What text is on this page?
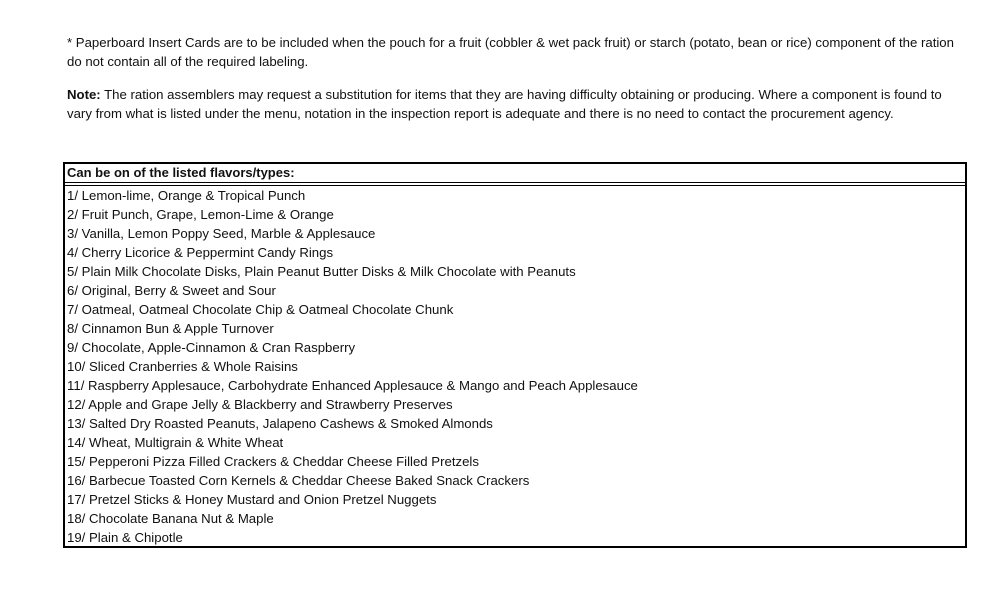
* Paperboard Insert Cards are to be included when the pouch for a fruit (cobbler & wet pack fruit) or starch (potato, bean or rice) component of the ration do not contain all of the required labeling.

Note: The ration assemblers may request a substitution for items that they are having difficulty obtaining or producing. Where a component is found to vary from what is listed under the menu, notation in the inspection report is adequate and there is no need to contact the procurement agency.

Can be on of the listed flavors/types:
1/ Lemon-lime, Orange & Tropical Punch
2/ Fruit Punch, Grape, Lemon-Lime & Orange
3/ Vanilla, Lemon Poppy Seed, Marble & Applesauce
4/ Cherry Licorice & Peppermint Candy Rings
5/ Plain Milk Chocolate Disks, Plain Peanut Butter Disks & Milk Chocolate with Peanuts
6/ Original, Berry & Sweet and Sour
7/ Oatmeal, Oatmeal Chocolate Chip & Oatmeal Chocolate Chunk
8/ Cinnamon Bun & Apple Turnover
9/ Chocolate, Apple-Cinnamon & Cran Raspberry
10/ Sliced Cranberries & Whole Raisins
11/ Raspberry Applesauce, Carbohydrate Enhanced Applesauce & Mango and Peach Applesauce
12/ Apple and Grape Jelly & Blackberry and Strawberry Preserves
13/ Salted Dry Roasted Peanuts, Jalapeno Cashews & Smoked Almonds
14/ Wheat, Multigrain & White Wheat
15/ Pepperoni Pizza Filled Crackers & Cheddar Cheese Filled Pretzels
16/ Barbecue Toasted Corn Kernels & Cheddar Cheese Baked Snack Crackers
17/ Pretzel Sticks & Honey Mustard and Onion Pretzel Nuggets
18/ Chocolate Banana Nut & Maple
19/ Plain & Chipotle
